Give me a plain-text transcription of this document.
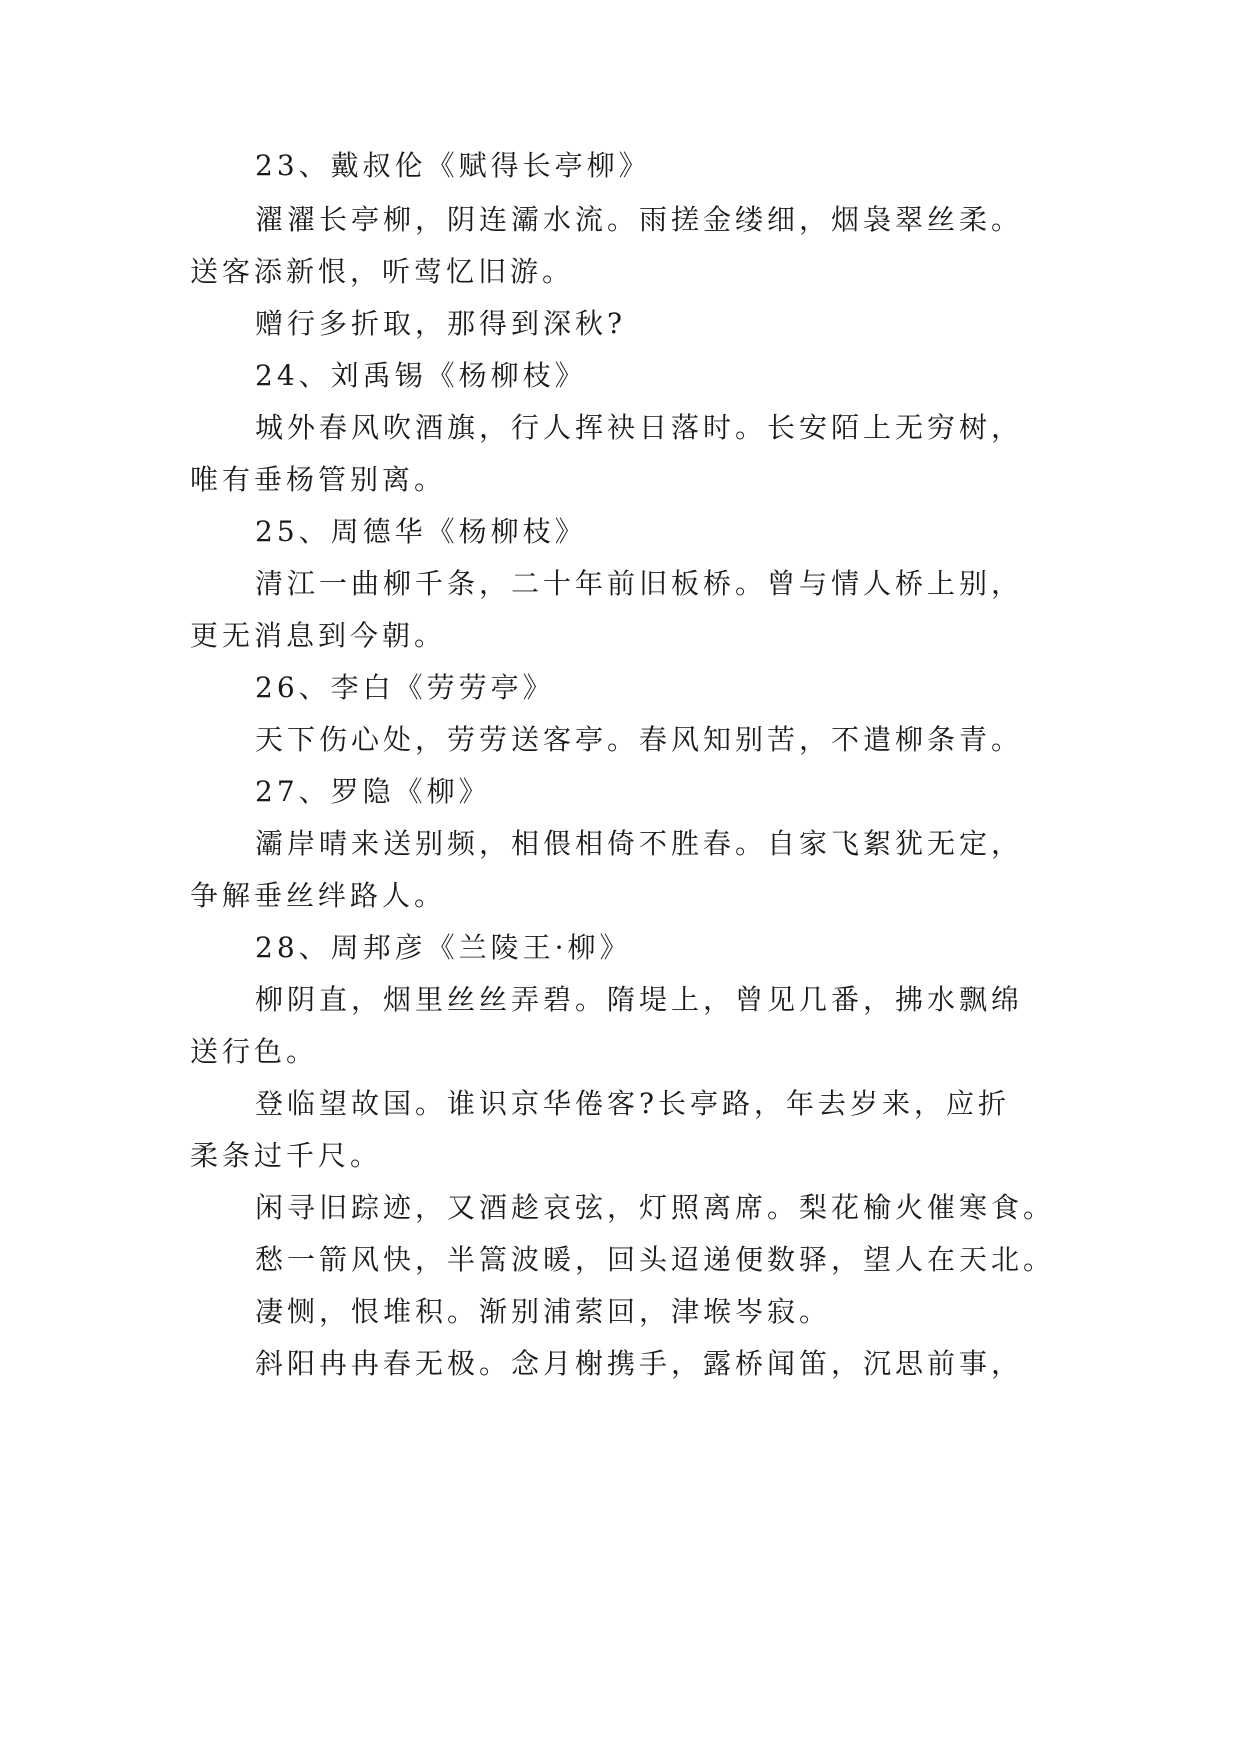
23、戴叔伦《赋得长亭柳》
濯濯长亭柳，阴连灞水流。雨搓金缕细，烟袅翠丝柔。
送客添新恨，听莺忆旧游。
赠行多折取，那得到深秋?
24、刘禹锡《杨柳枝》
城外春风吹酒旗，行人挥袂日落时。长安陌上无穷树，
唯有垂杨管别离。
25、周德华《杨柳枝》
清江一曲柳千条，二十年前旧板桥。曾与情人桥上别，
更无消息到今朝。
26、李白《劳劳亭》
天下伤心处，劳劳送客亭。春风知别苦，不遣柳条青。
27、罗隐《柳》
灞岸晴来送别频，相偎相倚不胜春。自家飞絮犹无定，
争解垂丝绊路人。
28、周邦彦《兰陵王·柳》
柳阴直，烟里丝丝弄碧。隋堤上，曾见几番，拂水飘绵
送行色。
登临望故国。谁识京华倦客?长亭路，年去岁来，应折
柔条过千尺。
闲寻旧踪迹，又酒趁哀弦，灯照离席。梨花榆火催寒食。
愁一箭风快，半篙波暖，回头迢递便数驿，望人在天北。
凄恻，恨堆积。渐别浦萦回，津堠岑寂。
斜阳冉冉春无极。念月榭携手，露桥闻笛，沉思前事，
